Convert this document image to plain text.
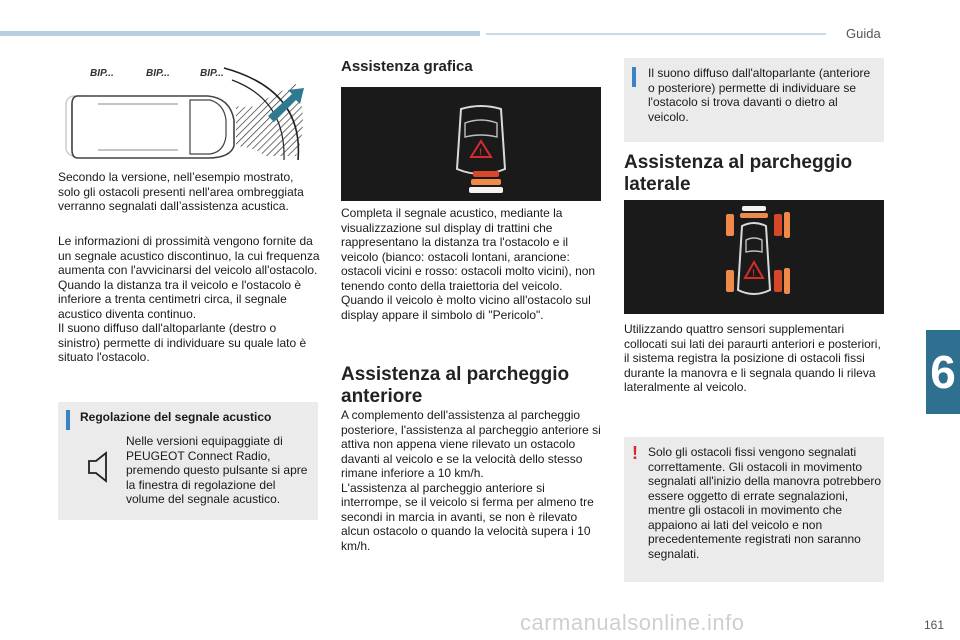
Guida
6
161
carmanualsonline.info
BIP...	BIP...	BIP...

Secondo la versione, nell’esempio mostrato, solo gli ostacoli presenti nell'area ombreggiata verranno segnalati dall’assistenza acustica.

Le informazioni di prossimità vengono fornite da un segnale acustico discontinuo, la cui frequenza aumenta con l'avvicinarsi del veicolo all'ostacolo.
Quando la distanza tra il veicolo e l'ostacolo è inferiore a trenta centimetri circa, il segnale acustico diventa continuo.
Il suono diffuso dall'altoparlante (destro o sinistro) permette di individuare su quale lato è situato l'ostacolo.

Regolazione del segnale acustico

Nelle versioni equipaggiate di PEUGEOT Connect Radio, premendo questo pulsante si apre la finestra di regolazione del volume del segnale acustico.

Assistenza grafica
!

Completa il segnale acustico, mediante la visualizzazione sul display di trattini che rappresentano la distanza tra l'ostacolo e il veicolo (bianco: ostacoli lontani, arancione: ostacoli vicini e rosso: ostacoli molto vicini), non tenendo conto della traiettoria del veicolo. Quando il veicolo è molto vicino all'ostacolo sul display appare il simbolo di "Pericolo".

Assistenza al parcheggio anteriore

A complemento dell'assistenza al parcheggio posteriore, l'assistenza al parcheggio anteriore si attiva non appena viene rilevato un ostacolo davanti al veicolo e se la velocità dello stesso rimane inferiore a 10 km/h.
L'assistenza al parcheggio anteriore si interrompe, se il veicolo si ferma per almeno tre secondi in marcia in avanti, se non è rilevato alcun ostacolo o quando la velocità supera i 10 km/h.

Il suono diffuso dall'altoparlante (anteriore o posteriore) permette di individuare se l'ostacolo si trova davanti o dietro al veicolo.

Assistenza al parcheggio laterale
!

Utilizzando quattro sensori supplementari collocati sui lati dei paraurti anteriori e posteriori, il sistema registra la posizione di ostacoli fissi durante la manovra e li segnala quando li rileva lateralmente al veicolo.

! Solo gli ostacoli fissi vengono segnalati correttamente. Gli ostacoli in movimento segnalati all'inizio della manovra potrebbero essere oggetto di errate segnalazioni, mentre gli ostacoli in movimento che appaiono ai lati del veicolo e non precedentemente registrati non saranno segnalati.
